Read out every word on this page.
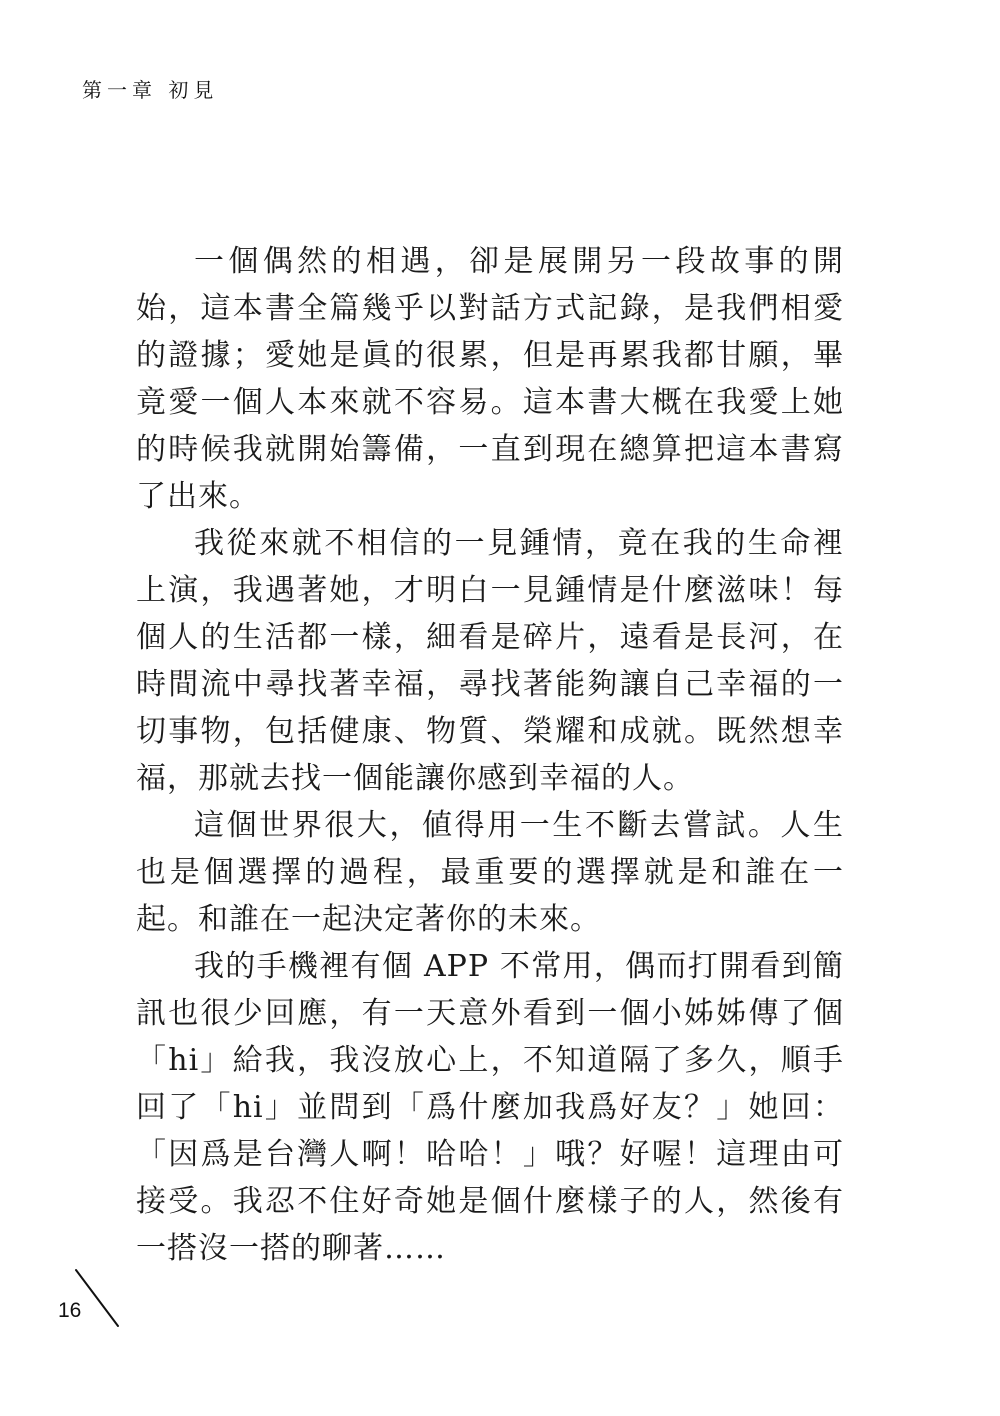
第一章 初見

一個偶然的相遇，卻是展開另一段故事的開始，這本書全篇幾乎以對話方式記錄，是我們相愛的證據；愛她是眞的很累，但是再累我都甘願，畢竟愛一個人本來就不容易。這本書大概在我愛上她的時候我就開始籌備，一直到現在總算把這本書寫了出來。

我從來就不相信的一見鍾情，竟在我的生命裡上演，我遇著她，才明白一見鍾情是什麼滋味！每個人的生活都一樣，細看是碎片，遠看是長河，在時間流中尋找著幸福，尋找著能夠讓自己幸福的一切事物，包括健康、物質、榮耀和成就。既然想幸福，那就去找一個能讓你感到幸福的人。

這個世界很大，値得用一生不斷去嘗試。人生也是個選擇的過程，最重要的選擇就是和誰在一起。和誰在一起決定著你的未來。

我的手機裡有個 APP 不常用，偶而打開看到簡訊也很少回應，有一天意外看到一個小姊姊傳了個「hi」給我，我沒放心上，不知道隔了多久，順手回了「hi」並問到「爲什麼加我爲好友？」她回：「因爲是台灣人啊！哈哈！」哦？好喔！這理由可接受。我忍不住好奇她是個什麼樣子的人，然後有一搭沒一搭的聊著……

16
